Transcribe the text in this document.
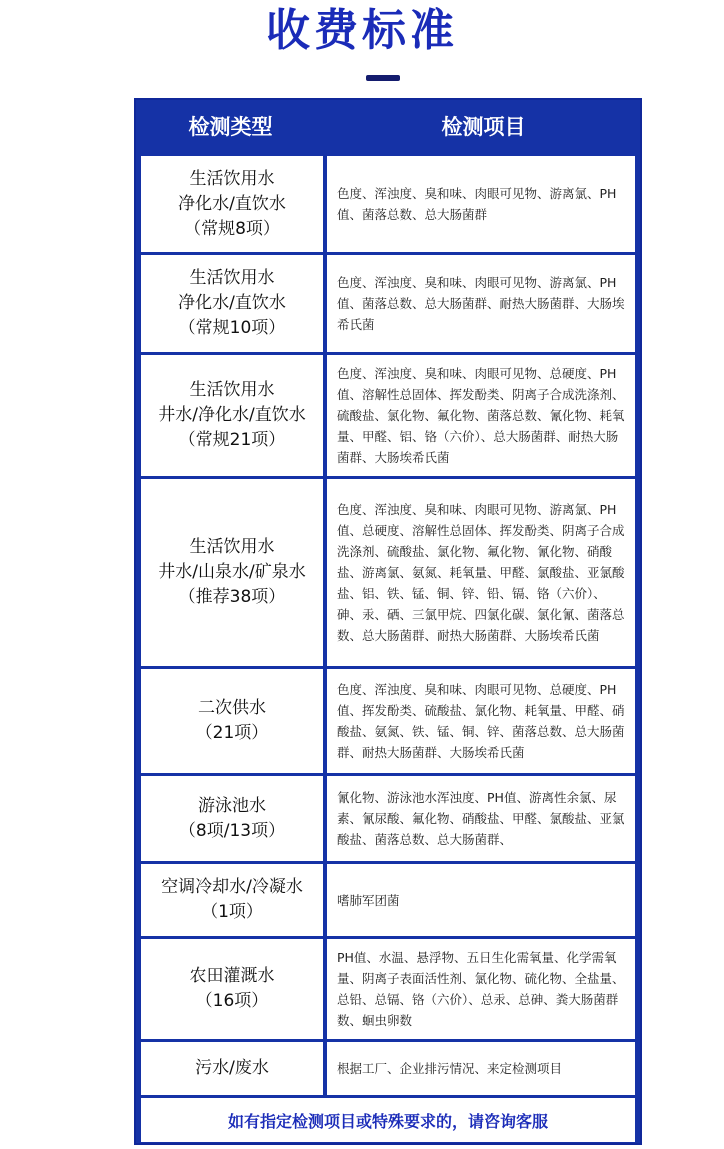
收费标准
检测类型	检测项目
生活饮用水
净化水/直饮水
（常规8项）
色度、浑浊度、臭和味、肉眼可见物、游离氯、PH值、菌落总数、总大肠菌群
生活饮用水
净化水/直饮水
（常规10项）
色度、浑浊度、臭和味、肉眼可见物、游离氯、PH值、菌落总数、总大肠菌群、耐热大肠菌群、大肠埃希氏菌
生活饮用水
井水/净化水/直饮水
（常规21项）
色度、浑浊度、臭和味、肉眼可见物、总硬度、PH值、溶解性总固体、挥发酚类、阴离子合成洗涤剂、硫酸盐、氯化物、氟化物、菌落总数、氰化物、耗氧量、甲醛、铝、铬（六价）、总大肠菌群、耐热大肠菌群、大肠埃希氏菌
生活饮用水
井水/山泉水/矿泉水
（推荐38项）
色度、浑浊度、臭和味、肉眼可见物、游离氯、PH值、总硬度、溶解性总固体、挥发酚类、阴离子合成洗涤剂、硫酸盐、氯化物、氟化物、氰化物、硝酸盐、游离氯、氨氮、耗氧量、甲醛、氯酸盐、亚氯酸盐、铝、铁、锰、铜、锌、铅、镉、铬（六价）、砷、汞、硒、三氯甲烷、四氯化碳、氯化氰、菌落总数、总大肠菌群、耐热大肠菌群、大肠埃希氏菌
二次供水
（21项）
色度、浑浊度、臭和味、肉眼可见物、总硬度、PH值、挥发酚类、硫酸盐、氯化物、耗氧量、甲醛、硝酸盐、氨氮、铁、锰、铜、锌、菌落总数、总大肠菌群、耐热大肠菌群、大肠埃希氏菌
游泳池水
（8项/13项）
氰化物、游泳池水浑浊度、PH值、游离性余氯、尿素、氰尿酸、氟化物、硝酸盐、甲醛、氯酸盐、亚氯酸盐、菌落总数、总大肠菌群、
空调冷却水/冷凝水
（1项）
嗜肺军团菌
农田灌溉水
（16项）
PH值、水温、悬浮物、五日生化需氧量、化学需氧量、阴离子表面活性剂、氯化物、硫化物、全盐量、总铅、总镉、铬（六价）、总汞、总砷、粪大肠菌群数、蛔虫卵数
污水/废水	根据工厂、企业排污情况、来定检测项目
如有指定检测项目或特殊要求的，请咨询客服
